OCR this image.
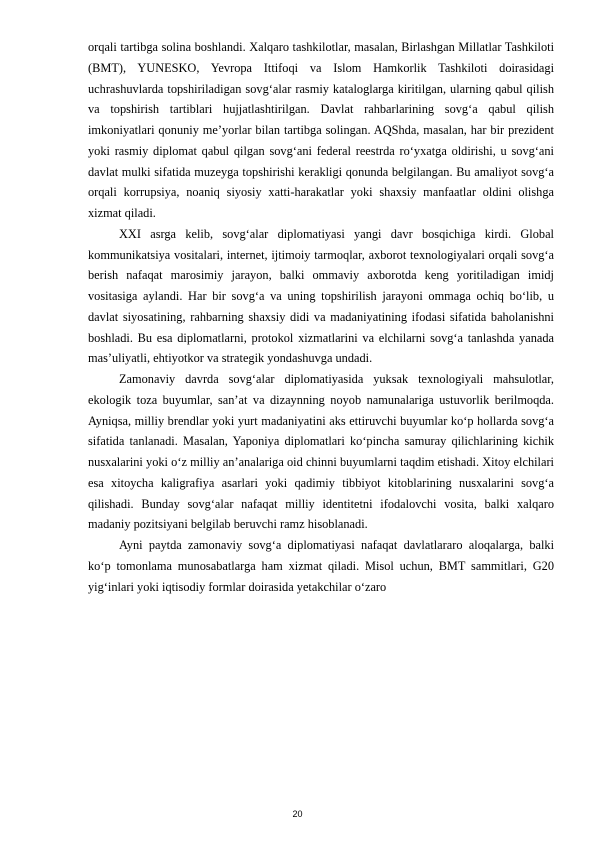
orqali tartibga solina boshlandi. Xalqaro tashkilotlar, masalan, Birlashgan Millatlar Tashkiloti (BMT), YUNESKO, Yevropa Ittifoqi va Islom Hamkorlik Tashkiloti doirasidagi uchrashuvlarda topshiriladigan sovg‘alar rasmiy kataloglarga kiritilgan, ularning qabul qilish va topshirish tartiblari hujjatlashtirilgan. Davlat rahbarlarining sovg‘a qabul qilish imkoniyatlari qonuniy me’yorlar bilan tartibga solingan. AQShda, masalan, har bir prezident yoki rasmiy diplomat qabul qilgan sovg‘ani federal reestrda ro‘yxatga oldirishi, u sovg‘ani davlat mulki sifatida muzeyga topshirishi kerakligi qonunda belgilangan. Bu amaliyot sovg‘a orqali korrupsiya, noaniq siyosiy xatti-harakatlar yoki shaxsiy manfaatlar oldini olishga xizmat qiladi.

XXI asrga kelib, sovg‘alar diplomatiyasi yangi davr bosqichiga kirdi. Global kommunikatsiya vositalari, internet, ijtimoiy tarmoqlar, axborot texnologiyalari orqali sovg‘a berish nafaqat marosimiy jarayon, balki ommaviy axborotda keng yoritiladigan imidj vositasiga aylandi. Har bir sovg‘a va uning topshirilish jarayoni ommaga ochiq bo‘lib, u davlat siyosatining, rahbarning shaxsiy didi va madaniyatining ifodasi sifatida baholanishni boshladi. Bu esa diplomatlarni, protokol xizmatlarini va elchilarni sovg‘a tanlashda yanada mas’uliyatli, ehtiyotkor va strategik yondashuvga undadi.

Zamonaviy davrda sovg‘alar diplomatiyasida yuksak texnologiyali mahsulotlar, ekologik toza buyumlar, san’at va dizaynning noyob namunalariga ustuvorlik berilmoqda. Ayniqsa, milliy brendlar yoki yurt madaniyatini aks ettiruvchi buyumlar ko‘p hollarda sovg‘a sifatida tanlanadi. Masalan, Yaponiya diplomatlari ko‘pincha samuray qilichlarining kichik nusxalarini yoki o‘z milliy an’analariga oid chinni buyumlarni taqdim etishadi. Xitoy elchilari esa xitoycha kaligrafiya asarlari yoki qadimiy tibbiyot kitoblarining nusxalarini sovg‘a qilishadi. Bunday sovg‘alar nafaqat milliy identitetni ifodalovchi vosita, balki xalqaro madaniy pozitsiyani belgilab beruvchi ramz hisoblanadi.

Ayni paytda zamonaviy sovg‘a diplomatiyasi nafaqat davlatlararo aloqalarga, balki ko‘p tomonlama munosabatlarga ham xizmat qiladi. Misol uchun, BMT sammitlari, G20 yig‘inlari yoki iqtisodiy formlar doirasida yetakchilar o‘zaro

20
